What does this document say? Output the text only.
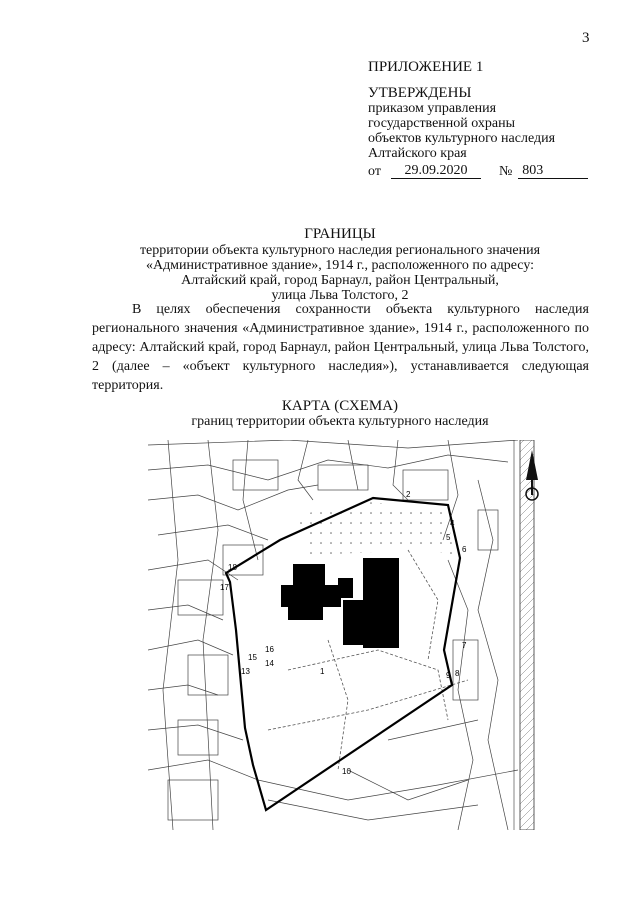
3
ПРИЛОЖЕНИЕ 1
УТВЕРЖДЕНЫ
приказом управления
государственной охраны
объектов культурного наследия
Алтайского края
от	29.09.2020	№ 803
ГРАНИЦЫ
территории объекта культурного наследия регионального значения
«Административное здание», 1914 г., расположенного по адресу:
Алтайский край, город Барнаул, район Центральный,
улица Льва Толстого, 2
В целях обеспечения сохранности объекта культурного наследия регионального значения «Административное здание», 1914 г., расположенного по адресу: Алтайский край, город Барнаул, район Центральный, улица Льва Толстого, 2 (далее – «объект культурного наследия»), устанавливается следующая территория.
КАРТА (СХЕМА)
границ территории объекта культурного наследия
1
2
4
5
6
7
8
9
10
13
14
15
16
17
18
